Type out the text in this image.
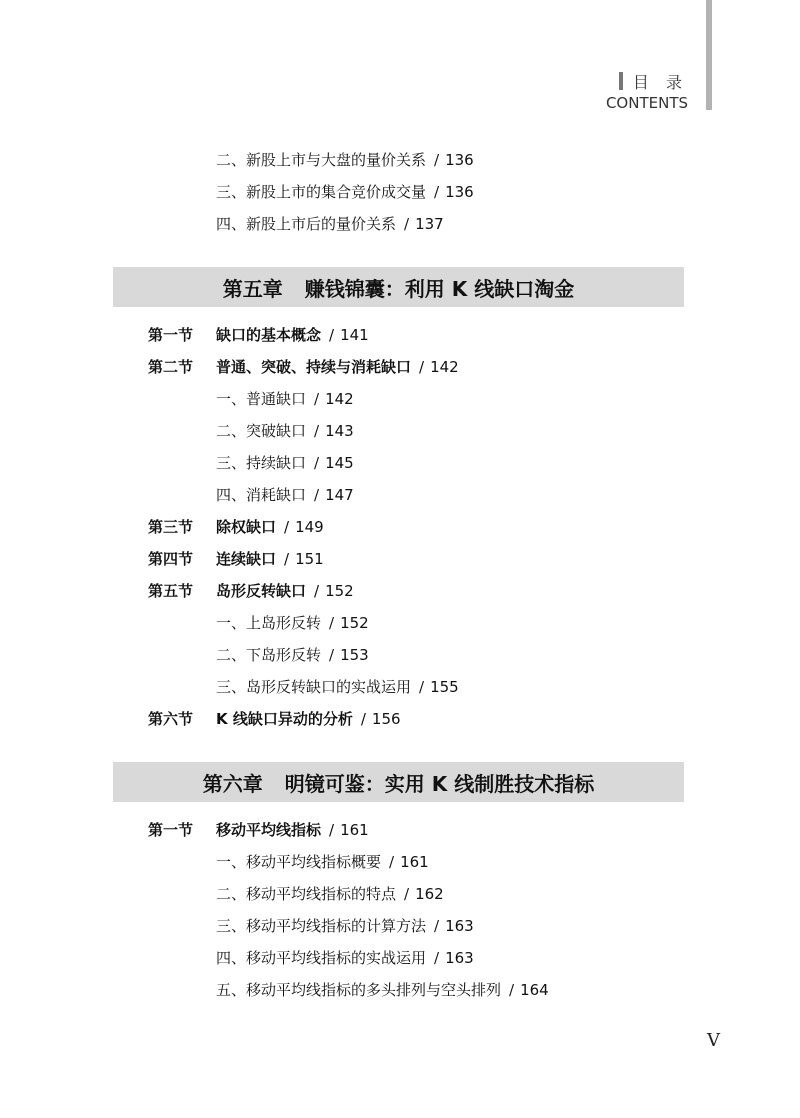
目 录
CONTENTS
二、新股上市与大盘的量价关系 / 136
三、新股上市的集合竞价成交量 / 136
四、新股上市后的量价关系 / 137
第五章 赚钱锦囊：利用 K 线缺口淘金
第一节 缺口的基本概念 / 141
第二节 普通、突破、持续与消耗缺口 / 142
一、普通缺口 / 142
二、突破缺口 / 143
三、持续缺口 / 145
四、消耗缺口 / 147
第三节 除权缺口 / 149
第四节 连续缺口 / 151
第五节 岛形反转缺口 / 152
一、上岛形反转 / 152
二、下岛形反转 / 153
三、岛形反转缺口的实战运用 / 155
第六节 K 线缺口异动的分析 / 156
第六章 明镜可鉴：实用 K 线制胜技术指标
第一节 移动平均线指标 / 161
一、移动平均线指标概要 / 161
二、移动平均线指标的特点 / 162
三、移动平均线指标的计算方法 / 163
四、移动平均线指标的实战运用 / 163
五、移动平均线指标的多头排列与空头排列 / 164
V
